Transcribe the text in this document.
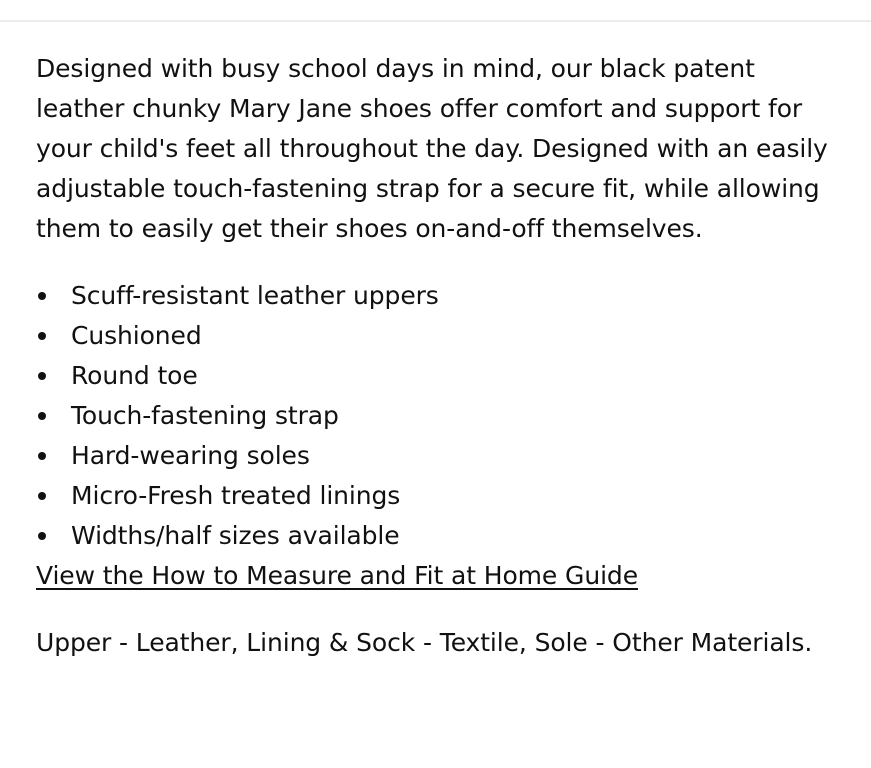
Designed with busy school days in mind, our black patent leather chunky Mary Jane shoes offer comfort and support for your child's feet all throughout the day. Designed with an easily adjustable touch-fastening strap for a secure fit, while allowing them to easily get their shoes on-and-off themselves.

Scuff-resistant leather uppers
Cushioned
Round toe
Touch-fastening strap
Hard-wearing soles
Micro-Fresh treated linings
Widths/half sizes available
View the How to Measure and Fit at Home Guide

Upper - Leather, Lining & Sock - Textile, Sole - Other Materials.
